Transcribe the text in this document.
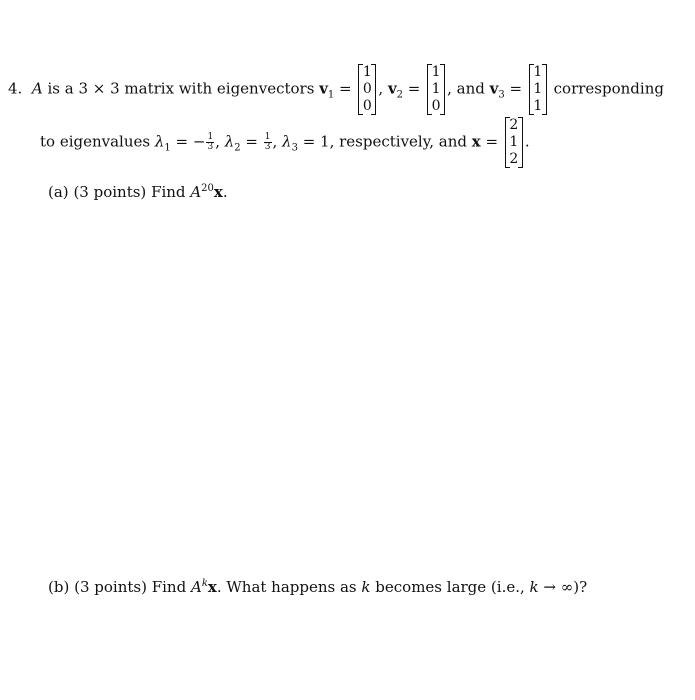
4. A is a 3 × 3 matrix with eigenvectors $v_1$ =
1
0
0
, $v_2$ =
1
1
0
, and $v_3$ =
1
1
1
corresponding
to eigenvalues $\lambda_1$ = − $\frac{1}{3}$ , $\lambda_2 = \frac{1}{3}$ , $\lambda_3 = 1$, respectively, and x =
2
1
2
.
(a) (3 points) Find $A^{20}x$.
(b) (3 points) Find $A^kx$. What happens as k becomes large (i.e., k → ∞)?
